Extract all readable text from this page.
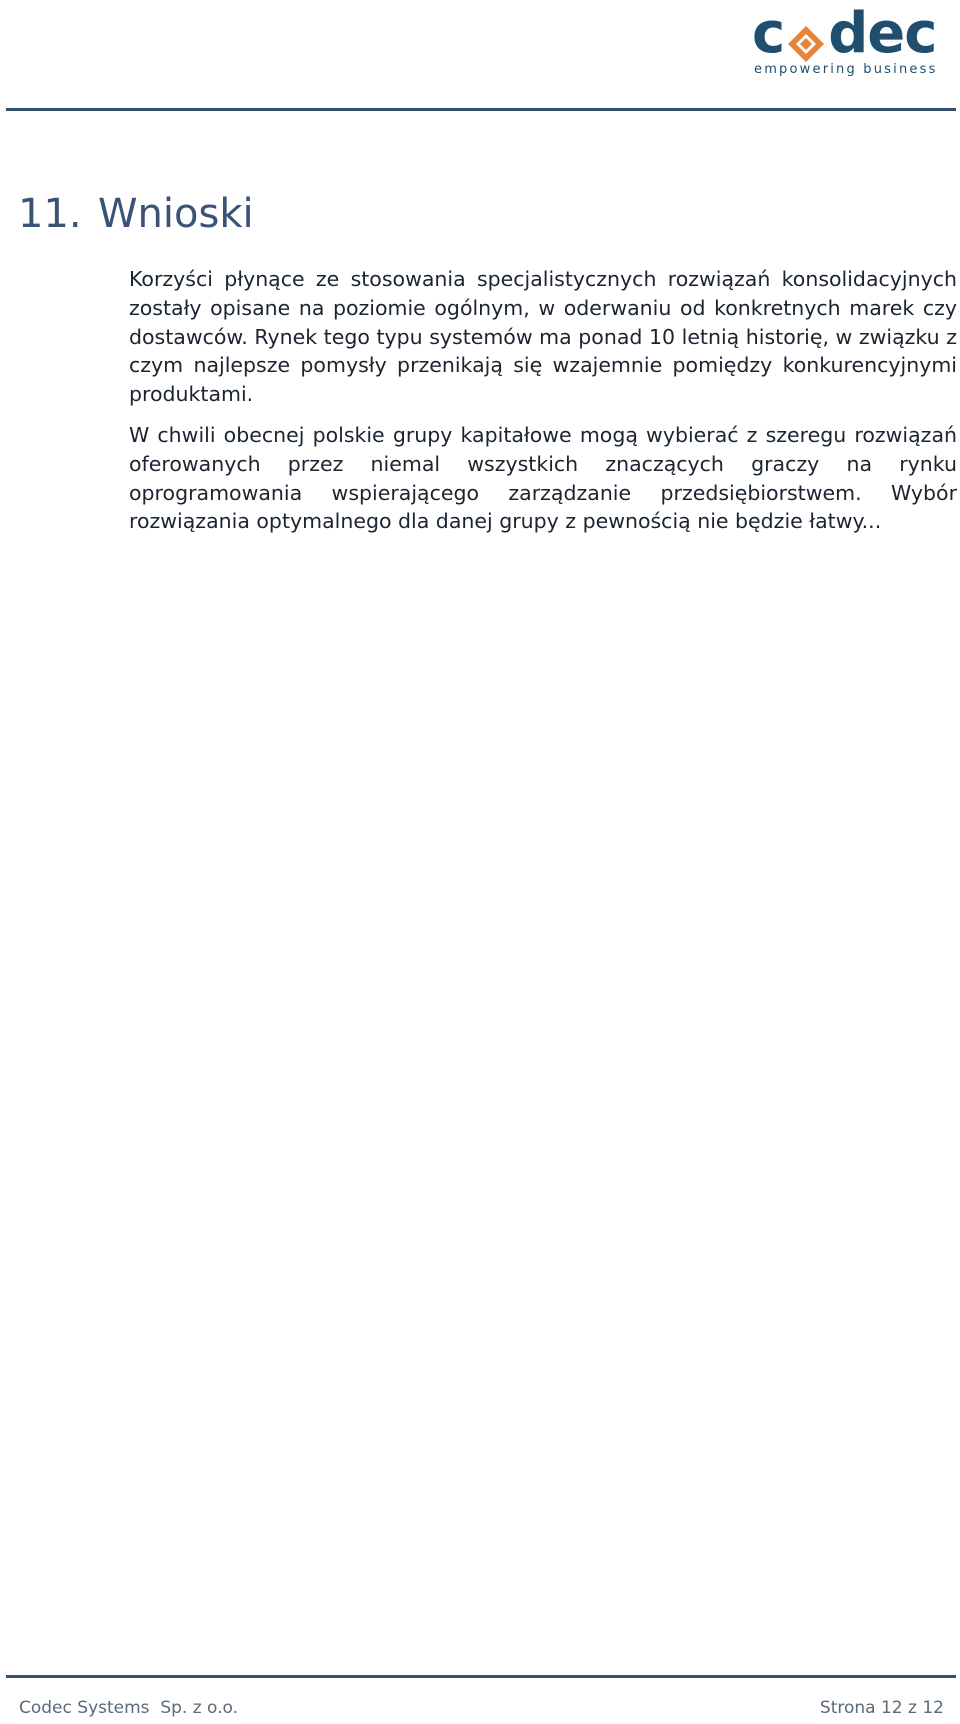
c dec
empowering business
11. Wnioski

Korzyści płynące ze stosowania specjalistycznych rozwiązań konsolidacyjnych zostały opisane na poziomie ogólnym, w oderwaniu od konkretnych marek czy dostawców. Rynek tego typu systemów ma ponad 10 letnią historię, w związku z czym najlepsze pomysły przenikają się wzajemnie pomiędzy konkurencyjnymi produktami.

W chwili obecnej polskie grupy kapitałowe mogą wybierać z szeregu rozwiązań oferowanych przez niemal wszystkich znaczących graczy na rynku oprogramowania wspierającego zarządzanie przedsiębiorstwem. Wybór rozwiązania optymalnego dla danej grupy z pewnością nie będzie łatwy...

Codec Systems  Sp. z o.o.	Strona 12 z 12
